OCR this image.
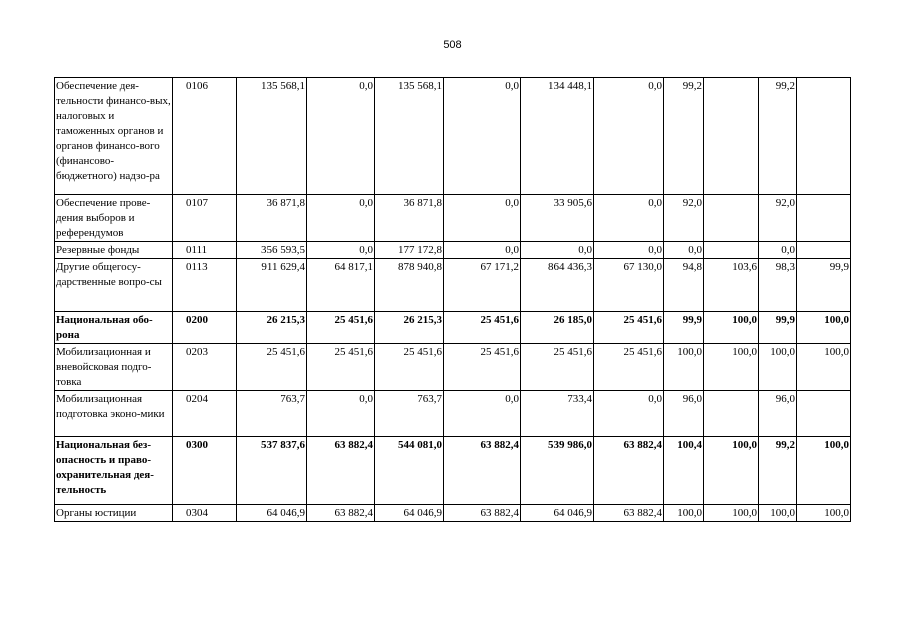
508
Обеспечение дея-тельности финансо-вых, налоговых и таможенных органов и органов финансо-вого (финансово-бюджетного) надзо-ра	0106	135 568,1	0,0	135 568,1	0,0	134 448,1	0,0	99,2		99,2	
Обеспечение прове-дения выборов и референдумов	0107	36 871,8	0,0	36 871,8	0,0	33 905,6	0,0	92,0		92,0	
Резервные фонды	0111	356 593,5	0,0	177 172,8	0,0	0,0	0,0	0,0		0,0	
Другие общегосу-дарственные вопро-сы	0113	911 629,4	64 817,1	878 940,8	67 171,2	864 436,3	67 130,0	94,8	103,6	98,3	99,9
Национальная обо-рона	0200	26 215,3	25 451,6	26 215,3	25 451,6	26 185,0	25 451,6	99,9	100,0	99,9	100,0
Мобилизационная и вневойсковая подго-товка	0203	25 451,6	25 451,6	25 451,6	25 451,6	25 451,6	25 451,6	100,0	100,0	100,0	100,0
Мобилизационная подготовка эконо-мики	0204	763,7	0,0	763,7	0,0	733,4	0,0	96,0		96,0	
Национальная без-опасность и право-охранительная дея-тельность	0300	537 837,6	63 882,4	544 081,0	63 882,4	539 986,0	63 882,4	100,4	100,0	99,2	100,0
Органы юстиции	0304	64 046,9	63 882,4	64 046,9	63 882,4	64 046,9	63 882,4	100,0	100,0	100,0	100,0
